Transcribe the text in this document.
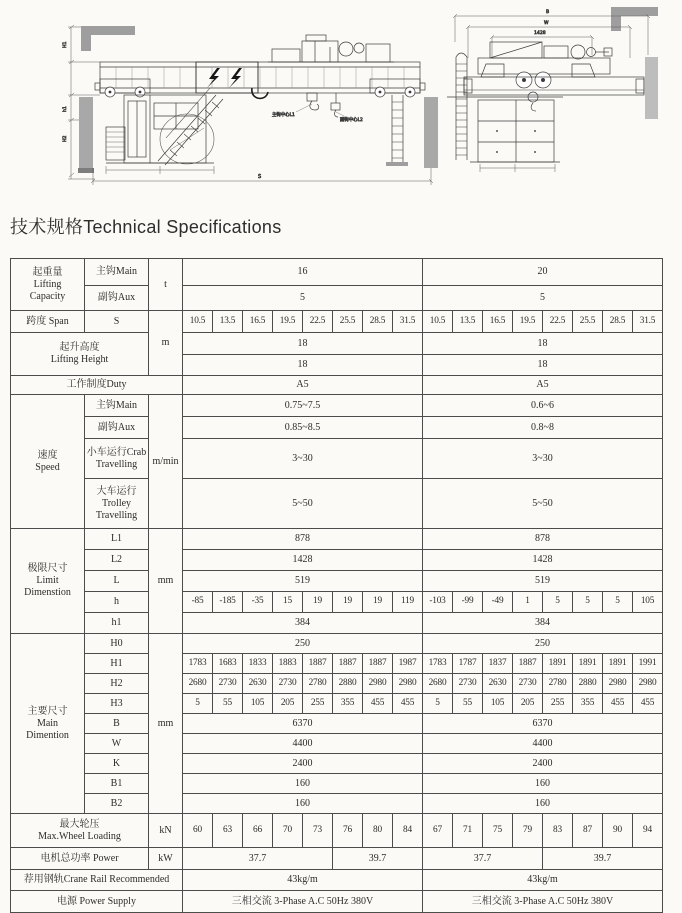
H1
h1
H2
S
主钩中心L1
副钩中心L2
B
W
1428
技术规格Technical Specifications
起重量
Lifting
Capacity	主钩Main	t	16								20							
	副钩Aux		5								5							
跨度 Span	S	m	10.5	13.5	16.5	19.5	22.5	25.5	28.5	31.5	10.5	13.5	16.5	19.5	22.5	25.5	28.5	31.5

起升高度
Lifting Height			18								18							
			18								18							
工作制度Duty			A5								A5							

速度
Speed	主钩Main	m/min	0.75~7.5								0.6~6							
	副钩Aux		0.85~8.5								0.8~8							

	小车运行Crab
Travelling		3~30								3~30							

	大车运行
Trolley
Travelling		5~50								5~50							

极限尺寸
Limit
Dimenstion	L1	mm	878								878							
	L2		1428								1428							
	L		519								519							
	h		-85	-185	-35	15	19	19	19	119	-103	-99	-49	1	5	5	5	105
	h1		384								384							

主要尺寸
Main
Dimention	H0	mm	250								250							
	H1		1783	1683	1833	1883	1887	1887	1887	1987	1783	1787	1837	1887	1891	1891	1891	1991
	H2		2680	2730	2630	2730	2780	2880	2980	2980	2680	2730	2630	2730	2780	2880	2980	2980
	H3		5	55	105	205	255	355	455	455	5	55	105	205	255	355	455	455
	B		6370								6370							
	W		4400								4400							
	K		2400								2400							
	B1		160								160							
	B2		160								160							

最大轮压
Max.Wheel Loading		kN	60	63	66	70	73	76	80	84	67	71	75	79	83	87	90	94
电机总功率 Power		kW	37.7					39.7			37.7				39.7			
荐用钢轨Crane Rail Recommended			43kg/m								43kg/m							
电源 Power Supply			三相交流 3-Phase A.C 50Hz 380V								三相交流 3-Phase A.C 50Hz 380V							
